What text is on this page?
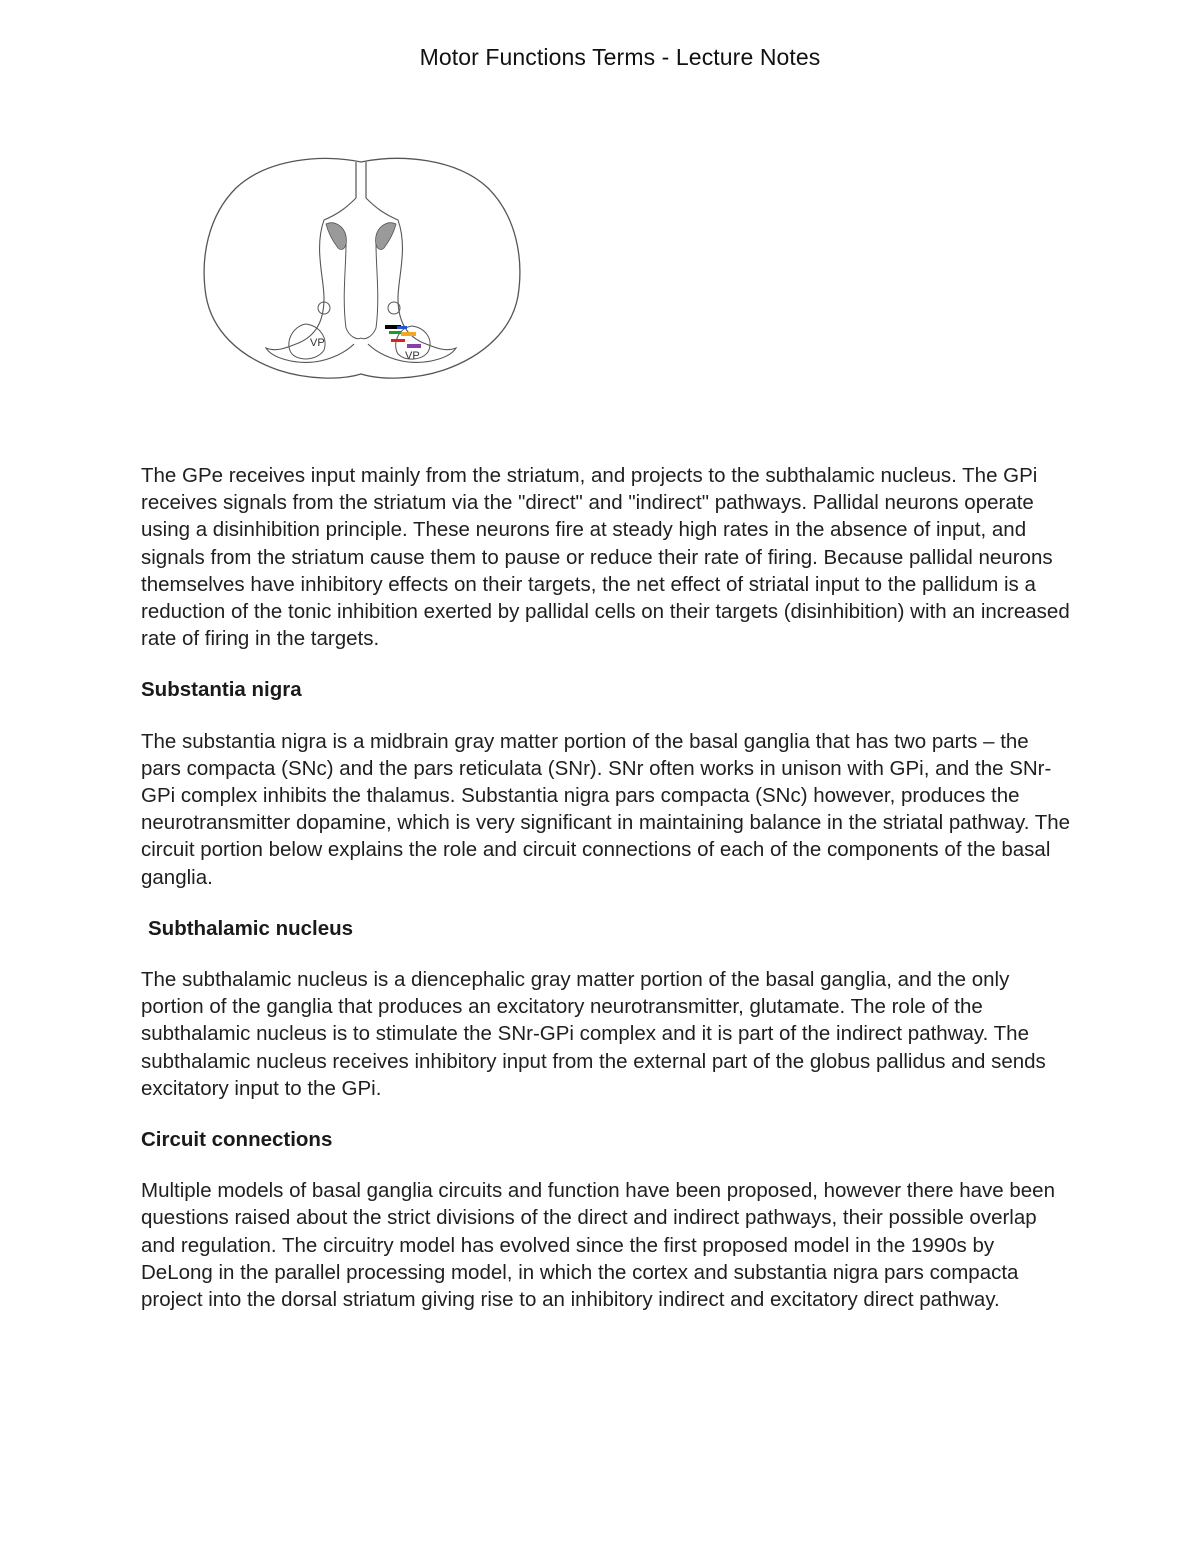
Motor Functions Terms - Lecture Notes
VP
VP

The GPe receives input mainly from the striatum, and projects to the subthalamic nucleus. The GPi receives signals from the striatum via the "direct" and "indirect" pathways. Pallidal neurons operate using a disinhibition principle. These neurons fire at steady high rates in the absence of input, and signals from the striatum cause them to pause or reduce their rate of firing. Because pallidal neurons themselves have inhibitory effects on their targets, the net effect of striatal input to the pallidum is a reduction of the tonic inhibition exerted by pallidal cells on their targets (disinhibition) with an increased rate of firing in the targets.

Substantia nigra

The substantia nigra is a midbrain gray matter portion of the basal ganglia that has two parts – the pars compacta (SNc) and the pars reticulata (SNr). SNr often works in unison with GPi, and the SNr-GPi complex inhibits the thalamus. Substantia nigra pars compacta (SNc) however, produces the neurotransmitter dopamine, which is very significant in maintaining balance in the striatal pathway. The circuit portion below explains the role and circuit connections of each of the components of the basal ganglia.

Subthalamic nucleus

The subthalamic nucleus is a diencephalic gray matter portion of the basal ganglia, and the only portion of the ganglia that produces an excitatory neurotransmitter, glutamate. The role of the subthalamic nucleus is to stimulate the SNr-GPi complex and it is part of the indirect pathway. The subthalamic nucleus receives inhibitory input from the external part of the globus pallidus and sends excitatory input to the GPi.

Circuit connections

Multiple models of basal ganglia circuits and function have been proposed, however there have been questions raised about the strict divisions of the direct and indirect pathways, their possible overlap and regulation. The circuitry model has evolved since the first proposed model in the 1990s by DeLong in the parallel processing model, in which the cortex and substantia nigra pars compacta project into the dorsal striatum giving rise to an inhibitory indirect and excitatory direct pathway.
